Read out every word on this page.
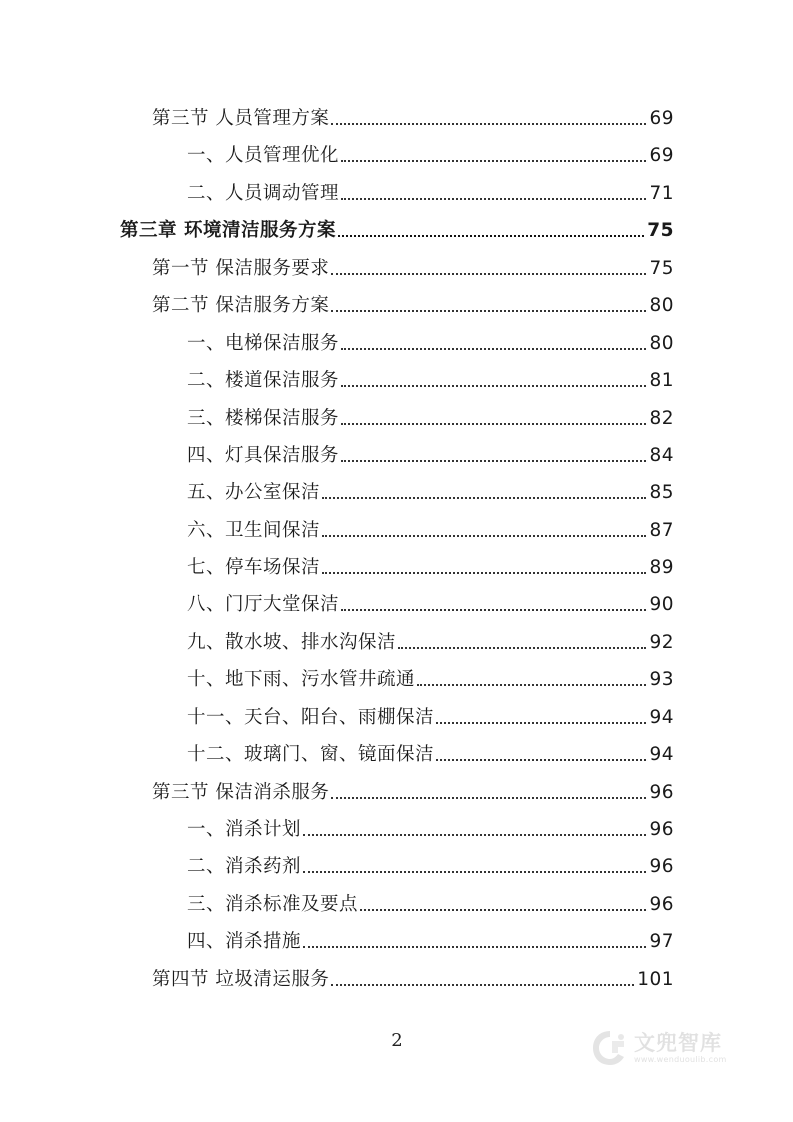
第三节 人员管理方案	69
一、人员管理优化	69
二、人员调动管理	71
第三章 环境清洁服务方案	75
第一节 保洁服务要求	75
第二节 保洁服务方案	80
一、电梯保洁服务	80
二、楼道保洁服务	81
三、楼梯保洁服务	82
四、灯具保洁服务	84
五、办公室保洁	85
六、卫生间保洁	87
七、停车场保洁	89
八、门厅大堂保洁	90
九、散水坡、排水沟保洁	92
十、地下雨、污水管井疏通	93
十一、天台、阳台、雨棚保洁	94
十二、玻璃门、窗、镜面保洁	94
第三节 保洁消杀服务	96
一、消杀计划	96
二、消杀药剂	96
三、消杀标准及要点	96
四、消杀措施	97
第四节 垃圾清运服务	101
2	文兜智库
www.wenduoulib.com
